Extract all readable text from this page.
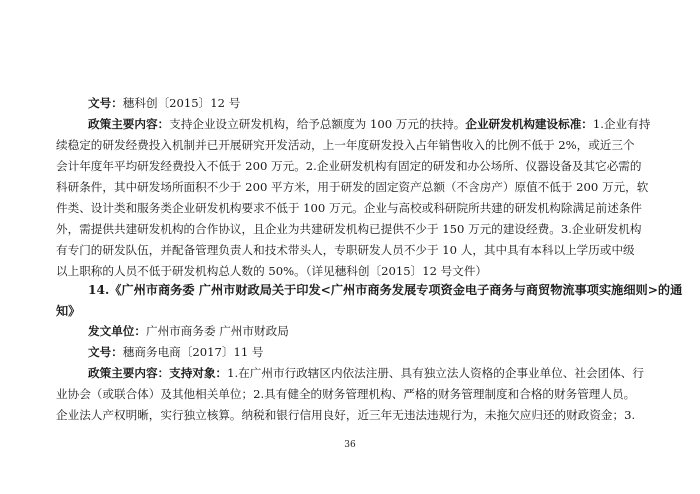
文号：穗科创〔2015〕12 号
政策主要内容：支持企业设立研发机构，给予总额度为 100 万元的扶持。企业研发机构建设标准：1.企业有持
续稳定的研发经费投入机制并已开展研究开发活动，上一年度研发投入占年销售收入的比例不低于 2%，或近三个
会计年度年平均研发经费投入不低于 200 万元。2.企业研发机构有固定的研发和办公场所、仪器设备及其它必需的
科研条件，其中研发场所面积不少于 200 平方米，用于研发的固定资产总额（不含房产）原值不低于 200 万元，软
件类、设计类和服务类企业研发机构要求不低于 100 万元。企业与高校或科研院所共建的研发机构除满足前述条件
外，需提供共建研发机构的合作协议，且企业为共建研发机构已提供不少于 150 万元的建设经费。3.企业研发机构
有专门的研发队伍，并配备管理负责人和技术带头人，专职研发人员不少于 10 人，其中具有本科以上学历或中级
以上职称的人员不低于研发机构总人数的 50%。（详见穗科创〔2015〕12 号文件）
14.《广州市商务委 广州市财政局关于印发<广州市商务发展专项资金电子商务与商贸物流事项实施细则>的通
知》
发文单位：广州市商务委 广州市财政局
文号：穗商务电商〔2017〕11 号
政策主要内容：支持对象：1.在广州市行政辖区内依法注册、具有独立法人资格的企事业单位、社会团体、行
业协会（或联合体）及其他相关单位；2.具有健全的财务管理机构、严格的财务管理制度和合格的财务管理人员。
企业法人产权明晰，实行独立核算。纳税和银行信用良好，近三年无违法违规行为，未拖欠应归还的财政资金；3.
36
